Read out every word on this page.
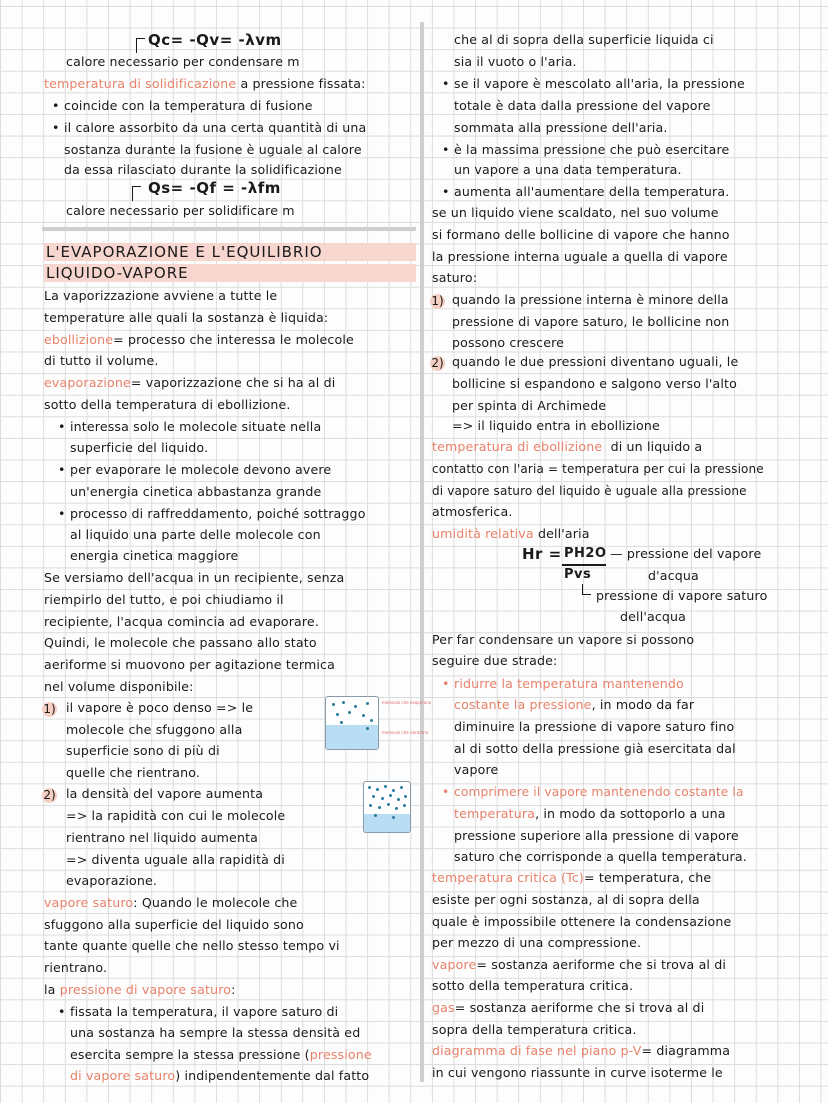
Qc= -Qv= -λvm
calore necessario per condensare m
temperatura di solidificazione a pressione fissata:
• coincide con la temperatura di fusione
• il calore assorbito da una certa quantità di una
sostanza durante la fusione è uguale al calore
da essa rilasciato durante la solidificazione
Qs= -Qf = -λfm
calore necessario per solidificare m
L'EVAPORAZIONE E L'EQUILIBRIO
LIQUIDO-VAPORE
La vaporizzazione avviene a tutte le
temperature alle quali la sostanza è liquida:
ebollizione= processo che interessa le molecole
di tutto il volume.
evaporazione= vaporizzazione che si ha al di
sotto della temperatura di ebollizione.
• interessa solo le molecole situate nella
superficie del liquido.
• per evaporare le molecole devono avere
un'energia cinetica abbastanza grande
• processo di raffreddamento, poiché sottraggo
al liquido una parte delle molecole con
energia cinetica maggiore
Se versiamo dell'acqua in un recipiente, senza
riempirlo del tutto, e poi chiudiamo il
recipiente, l'acqua comincia ad evaporare.
Quindi, le molecole che passano allo stato
aeriforme si muovono per agitazione termica
nel volume disponibile:
1) il vapore è poco denso => le
molecole che sfuggono alla
superficie sono di più di
quelle che rientrano.
2) la densità del vapore aumenta
=> la rapidità con cui le molecole
rientrano nel liquido aumenta
=> diventa uguale alla rapidità di
evaporazione.
vapore saturo: Quando le molecole che
sfuggono alla superficie del liquido sono
tante quante quelle che nello stesso tempo vi
rientrano.
la pressione di vapore saturo:
• fissata la temperatura, il vapore saturo di
una sostanza ha sempre la stessa densità ed
esercita sempre la stessa pressione (pressione
di vapore saturo) indipendentemente dal fatto
molecole che evaporano
molecole che rientrano
che al di sopra della superficie liquida ci
sia il vuoto o l'aria.
• se il vapore è mescolato all'aria, la pressione
totale è data dalla pressione del vapore
sommata alla pressione dell'aria.
• è la massima pressione che può esercitare
un vapore a una data temperatura.
• aumenta all'aumentare della temperatura.
se un liquido viene scaldato, nel suo volume
si formano delle bollicine di vapore che hanno
la pressione interna uguale a quella di vapore
saturo:
1) quando la pressione interna è minore della
pressione di vapore saturo, le bollicine non
possono crescere
2) quando le due pressioni diventano uguali, le
bollicine si espandono e salgono verso l'alto
per spinta di Archimede
=> il liquido entra in ebollizione
temperatura di ebollizione di un liquido a
contatto con l'aria = temperatura per cui la pressione
di vapore saturo del liquido è uguale alla pressione
atmosferica.
umidità relativa dell'aria
Hr = PH2O
Pvs
— pressione del vapore
d'acqua
pressione di vapore saturo
dell'acqua
Per far condensare un vapore si possono
seguire due strade:
• ridurre la temperatura mantenendo
costante la pressione, in modo da far
diminuire la pressione di vapore saturo fino
al di sotto della pressione già esercitata dal
vapore
• comprimere il vapore mantenendo costante la
temperatura, in modo da sottoporlo a una
pressione superiore alla pressione di vapore
saturo che corrisponde a quella temperatura.
temperatura critica (Tc)= temperatura, che
esiste per ogni sostanza, al di sopra della
quale è impossibile ottenere la condensazione
per mezzo di una compressione.
vapore= sostanza aeriforme che si trova al di
sotto della temperatura critica.
gas= sostanza aeriforme che si trova al di
sopra della temperatura critica.
diagramma di fase nel piano p-V= diagramma
in cui vengono riassunte in curve isoterme le
